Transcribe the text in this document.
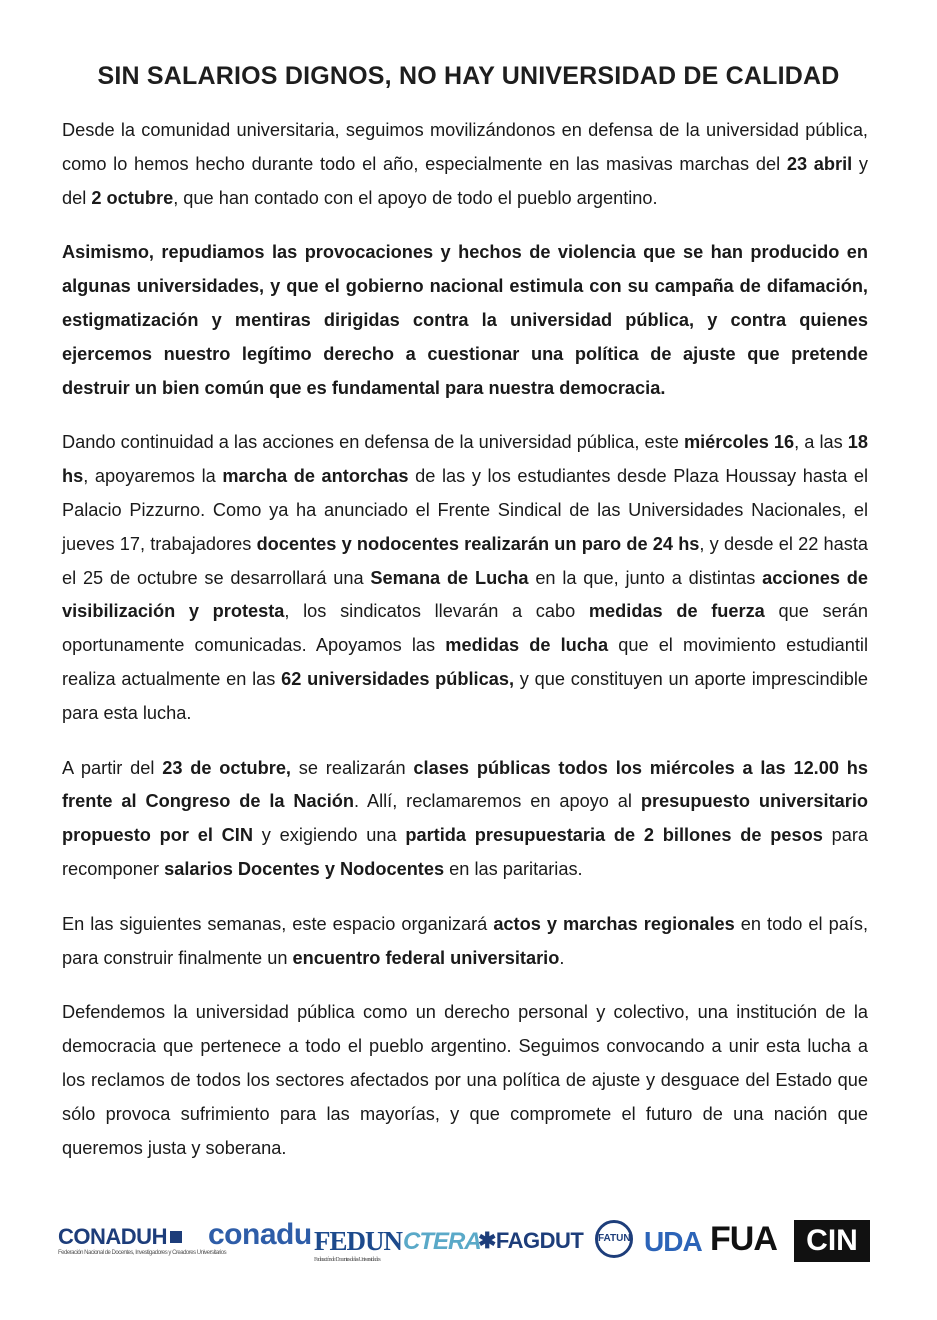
SIN SALARIOS DIGNOS, NO HAY UNIVERSIDAD DE CALIDAD

Desde la comunidad universitaria, seguimos movilizándonos en defensa de la universidad pública, como lo hemos hecho durante todo el año, especialmente en las masivas marchas del 23 abril y del 2 octubre, que han contado con el apoyo de todo el pueblo argentino.

Asimismo, repudiamos las provocaciones y hechos de violencia que se han producido en algunas universidades, y que el gobierno nacional estimula con su campaña de difamación, estigmatización y mentiras dirigidas contra la universidad pública, y contra quienes ejercemos nuestro legítimo derecho a cuestionar una política de ajuste que pretende destruir un bien común que es fundamental para nuestra democracia.

Dando continuidad a las acciones en defensa de la universidad pública, este miércoles 16, a las 18 hs, apoyaremos la marcha de antorchas de las y los estudiantes desde Plaza Houssay hasta el Palacio Pizzurno. Como ya ha anunciado el Frente Sindical de las Universidades Nacionales, el jueves 17, trabajadores docentes y nodocentes realizarán un paro de 24 hs, y desde el 22 hasta el 25 de octubre se desarrollará una Semana de Lucha en la que, junto a distintas acciones de visibilización y protesta, los sindicatos llevarán a cabo medidas de fuerza que serán oportunamente comunicadas. Apoyamos las medidas de lucha que el movimiento estudiantil realiza actualmente en las 62 universidades públicas, y que constituyen un aporte imprescindible para esta lucha.

A partir del 23 de octubre, se realizarán clases públicas todos los miércoles a las 12.00 hs frente al Congreso de la Nación. Allí, reclamaremos en apoyo al presupuesto universitario propuesto por el CIN y exigiendo una partida presupuestaria de 2 billones de pesos para recomponer salarios Docentes y Nodocentes en las paritarias.

En las siguientes semanas, este espacio organizará actos y marchas regionales en todo el país, para construir finalmente un encuentro federal universitario.

Defendemos la universidad pública como un derecho personal y colectivo, una institución de la democracia que pertenece a todo el pueblo argentino. Seguimos convocando a unir esta lucha a los reclamos de todos los sectores afectados por una política de ajuste y desguace del Estado que sólo provoca sufrimiento para las mayorías, y que compromete el futuro de una nación que queremos justa y soberana.

CONADUH
Federación Nacional de Docentes, Investigadores y Creadores Universitarios
conadu FEDUN
Federación de Docentes de las Universidades
CTERA
✱FAGDUT	FATUN UDA FUA CIN
